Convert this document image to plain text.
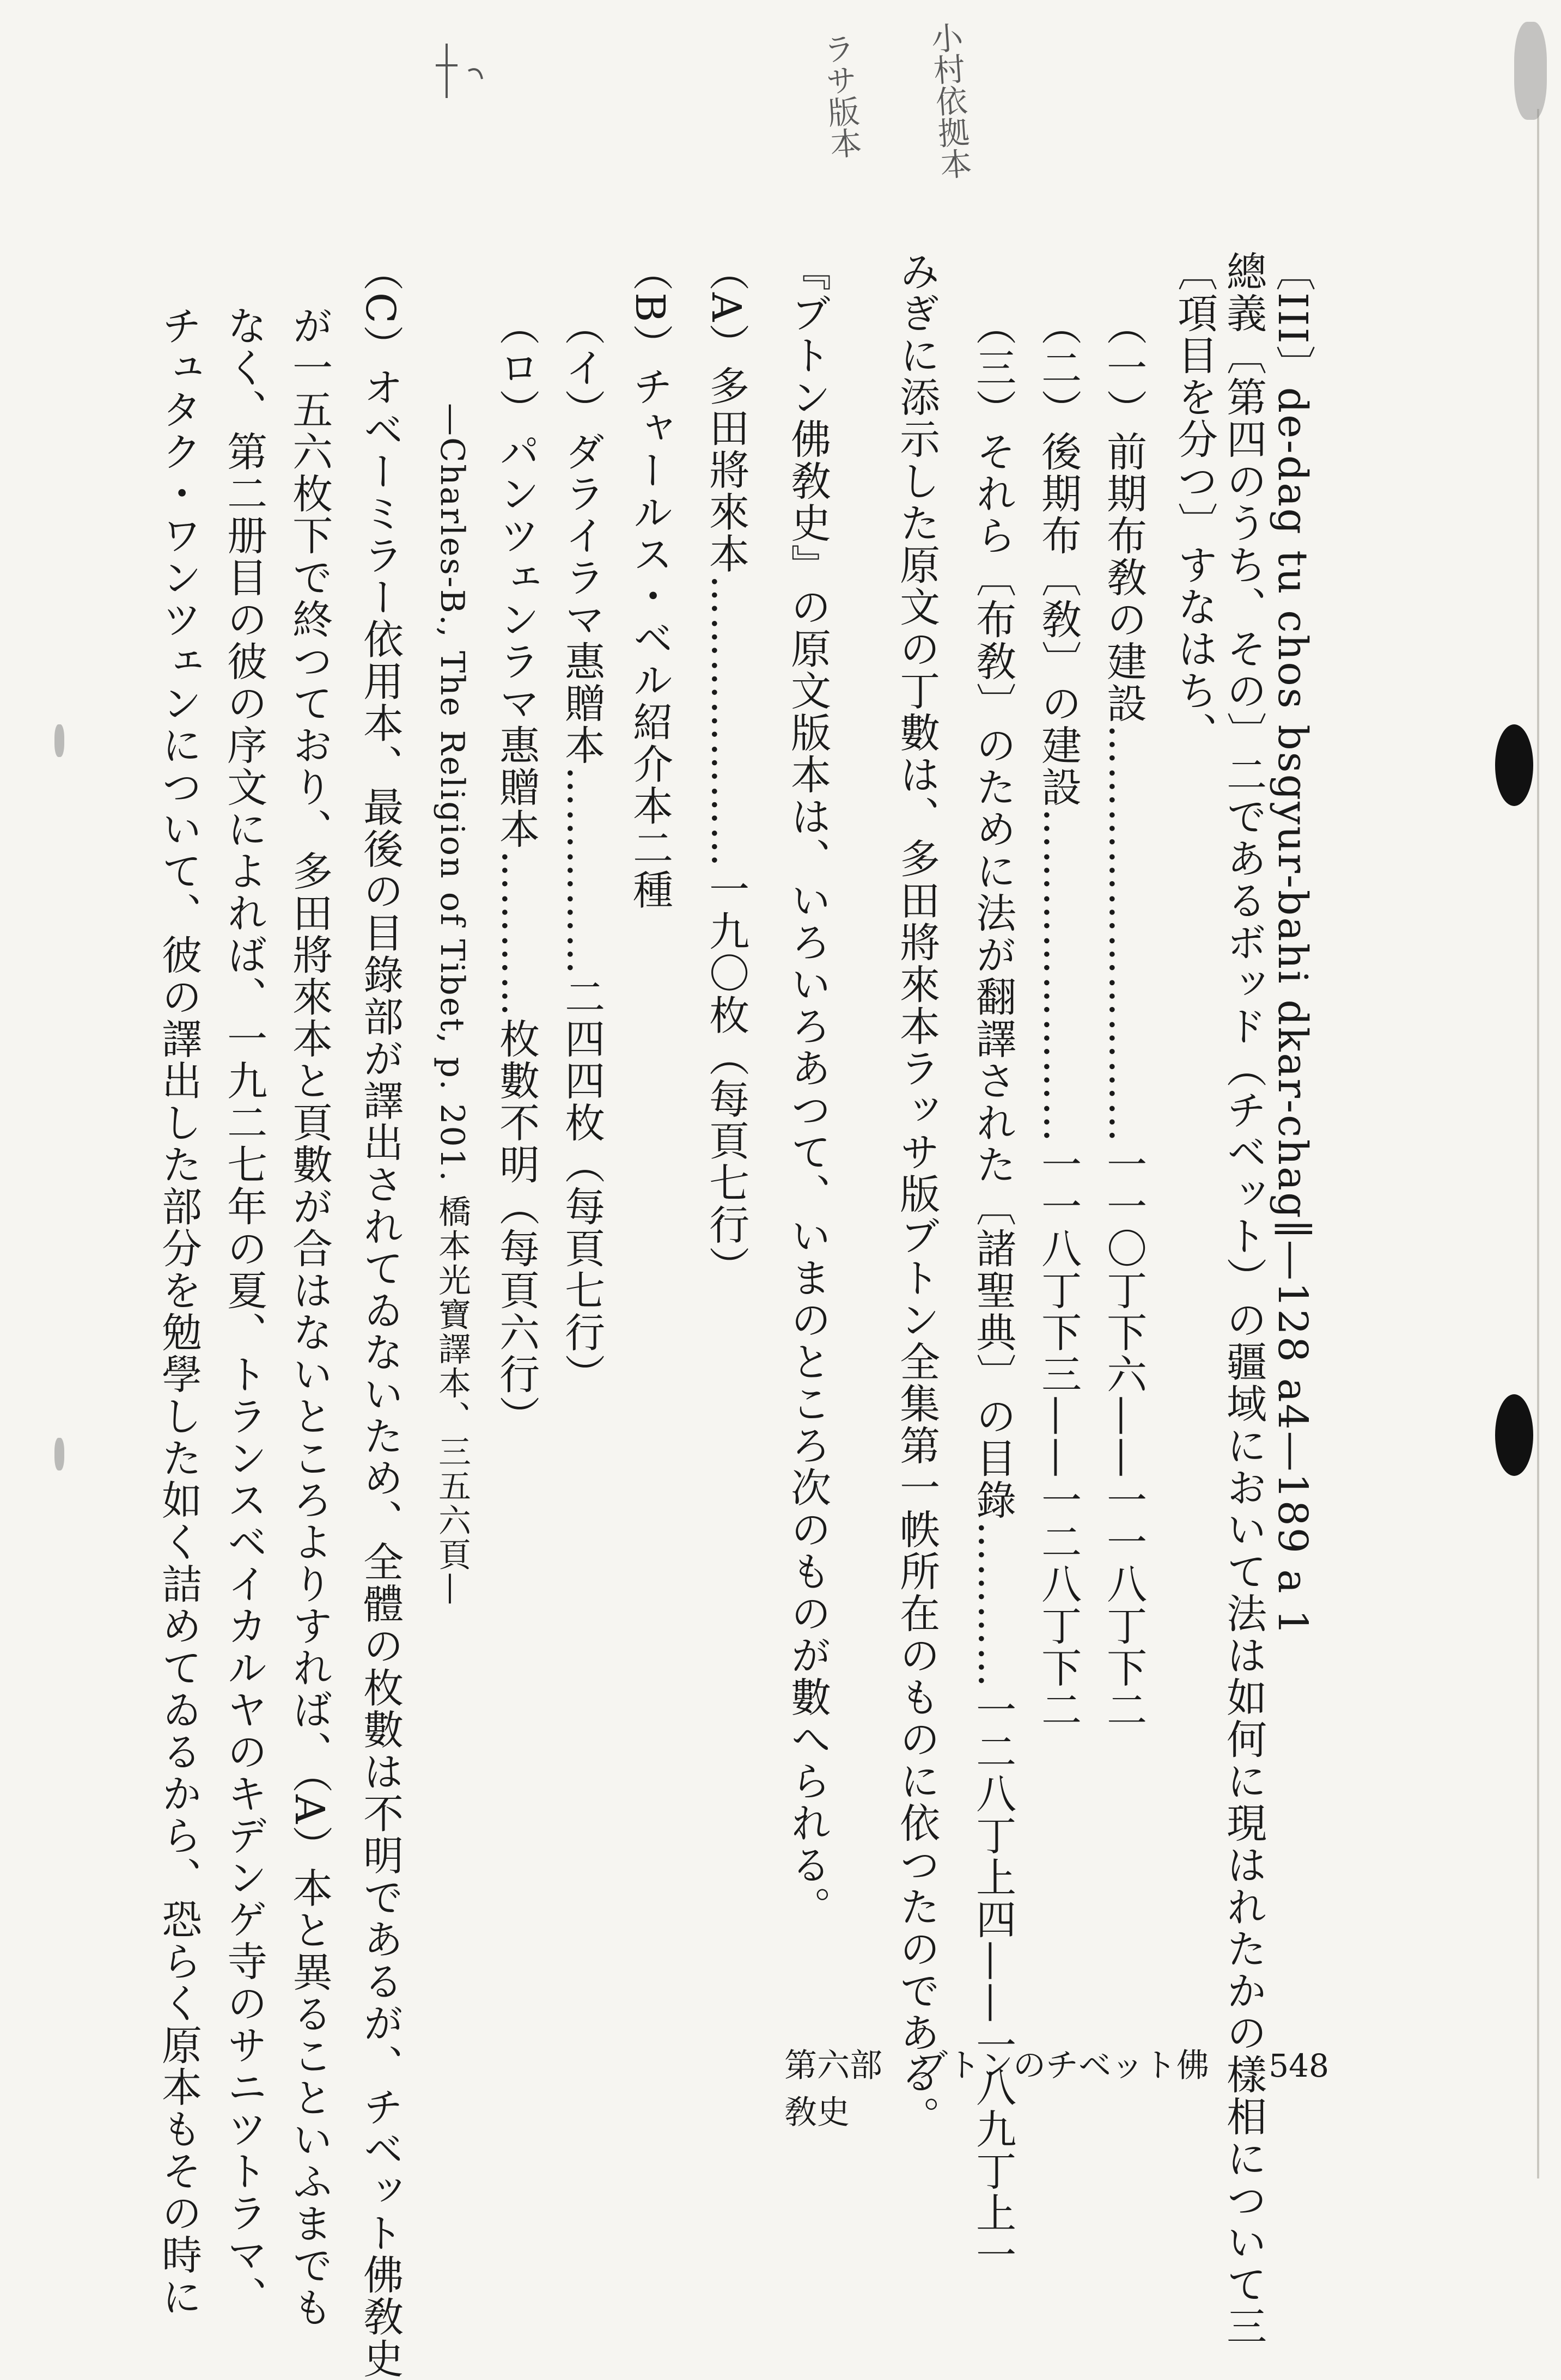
小村依拠本
ラサ版本
〔III〕de-dag tu chos bsgyur-bahi dkar-chag∥—128 a4—189 a 1
總義〔第四のうち、その〕二であるボッド（チベット）の疆域において法は如何に現はれたかの樣相について三
〔項目を分つ〕すなはち、
（一）前期布敎の建設…………………………一一〇丁下六——一一八丁下二
（二）後期布〔敎〕の建設……………………一一八丁下三——一二八丁下二
（三）それら〔布敎〕のために法が翻譯された〔諸聖典〕の目錄…………一二八丁上四——一八九丁上一
みぎに添示した原文の丁數は、多田將來本ラッサ版ブトン全集第一帙所在のものに依つたのである。
『ブトン佛敎史』の原文版本は、いろいろあつて、いまのところ次のものが數へられる。
（A）多田將來本…………………一九〇枚（每頁七行）
（B）チャールス・ベル紹介本二種
（イ）ダライラマ惠贈本……………二四四枚（每頁七行）
（ロ）パンツェンラマ惠贈本…………枚數不明（每頁六行）
—Charles-B., The Religion of Tibet, p. 201. 橋本光寶譯本、三五六頁—
（C）オベーミラー依用本、最後の目錄部が譯出されてゐないため、全體の枚數は不明であるが、チベット佛敎史
が一五六枚下で終つており、多田將來本と頁數が合はないところよりすれば、（A）本と異ることいふまでも
なく、第二册目の彼の序文によれば、一九二七年の夏、トランスベイカルヤのキデンゲ寺のサニツトラマ、
チュタク・ワンツェンについて、彼の譯出した部分を勉學した如く詰めてゐるから、恐らく原本もその時に	第六部　ブトンのチベット佛敎史
548
